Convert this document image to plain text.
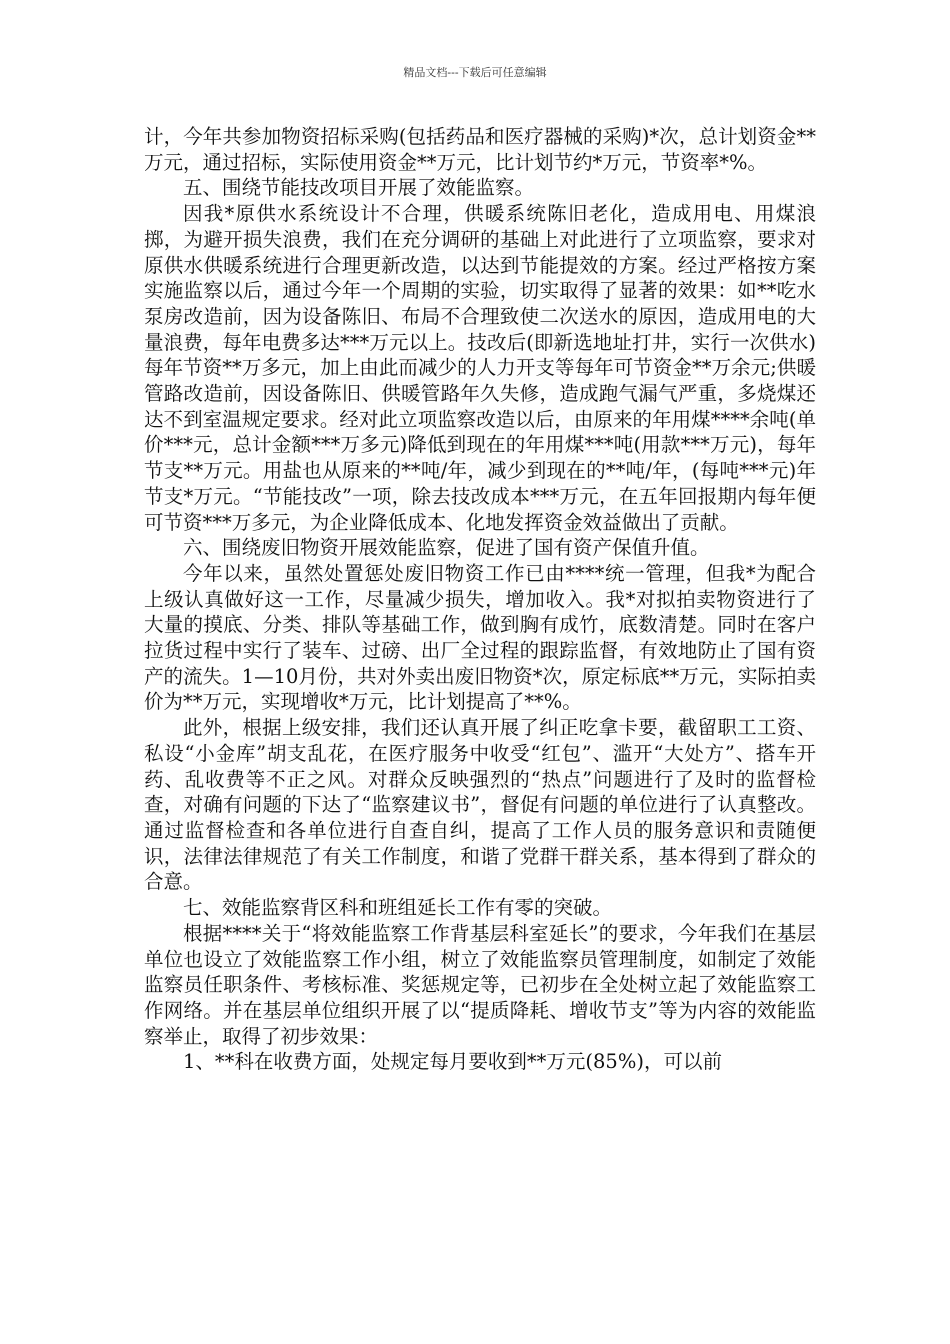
精品文档---下载后可任意编辑

计，今年共参加物资招标采购(包括药品和医疗器械的采购)*次，总计划资金**万元，通过招标，实际使用资金**万元，比计划节约*万元，节资率*%。

五、围绕节能技改项目开展了效能监察。

因我*原供水系统设计不合理，供暖系统陈旧老化，造成用电、用煤浪掷，为避开损失浪费，我们在充分调研的基础上对此进行了立项监察，要求对原供水供暖系统进行合理更新改造，以达到节能提效的方案。经过严格按方案实施监察以后，通过今年一个周期的实验，切实取得了显著的效果：如**吃水泵房改造前，因为设备陈旧、布局不合理致使二次送水的原因，造成用电的大量浪费，每年电费多达***万元以上。技改后(即新选地址打井，实行一次供水)每年节资**万多元，加上由此而减少的人力开支等每年可节资金**万余元;供暖管路改造前，因设备陈旧、供暖管路年久失修，造成跑气漏气严重，多烧煤还达不到室温规定要求。经对此立项监察改造以后，由原来的年用煤****余吨(单价***元，总计金额***万多元)降低到现在的年用煤***吨(用款***万元)，每年节支**万元。用盐也从原来的**吨/年，减少到现在的**吨/年，(每吨***元)年节支*万元。“节能技改”一项，除去技改成本***万元，在五年回报期内每年便可节资***万多元，为企业降低成本、化地发挥资金效益做出了贡献。

六、围绕废旧物资开展效能监察，促进了国有资产保值升值。

今年以来，虽然处置惩处废旧物资工作已由****统一管理，但我*为配合上级认真做好这一工作，尽量减少损失，增加收入。我*对拟拍卖物资进行了大量的摸底、分类、排队等基础工作，做到胸有成竹，底数清楚。同时在客户拉货过程中实行了装车、过磅、出厂全过程的跟踪监督，有效地防止了国有资产的流失。1—10月份，共对外卖出废旧物资*次，原定标底**万元，实际拍卖价为**万元，实现增收*万元，比计划提高了**%。

此外，根据上级安排，我们还认真开展了纠正吃拿卡要，截留职工工资、私设“小金库”胡支乱花，在医疗服务中收受“红包”、滥开“大处方”、搭车开药、乱收费等不正之风。对群众反映强烈的“热点”问题进行了及时的监督检查，对确有问题的下达了“监察建议书”，督促有问题的单位进行了认真整改。通过监督检查和各单位进行自查自纠，提高了工作人员的服务意识和责随便识，法律法律规范了有关工作制度，和谐了党群干群关系，基本得到了群众的合意。

七、效能监察背区科和班组延长工作有零的突破。

根据****关于“将效能监察工作背基层科室延长”的要求，今年我们在基层单位也设立了效能监察工作小组，树立了效能监察员管理制度，如制定了效能监察员任职条件、考核标准、奖惩规定等，已初步在全处树立起了效能监察工作网络。并在基层单位组织开展了以“提质降耗、增收节支”等为内容的效能监察举止，取得了初步效果：

1、**科在收费方面，处规定每月要收到**万元(85%)，可以前
